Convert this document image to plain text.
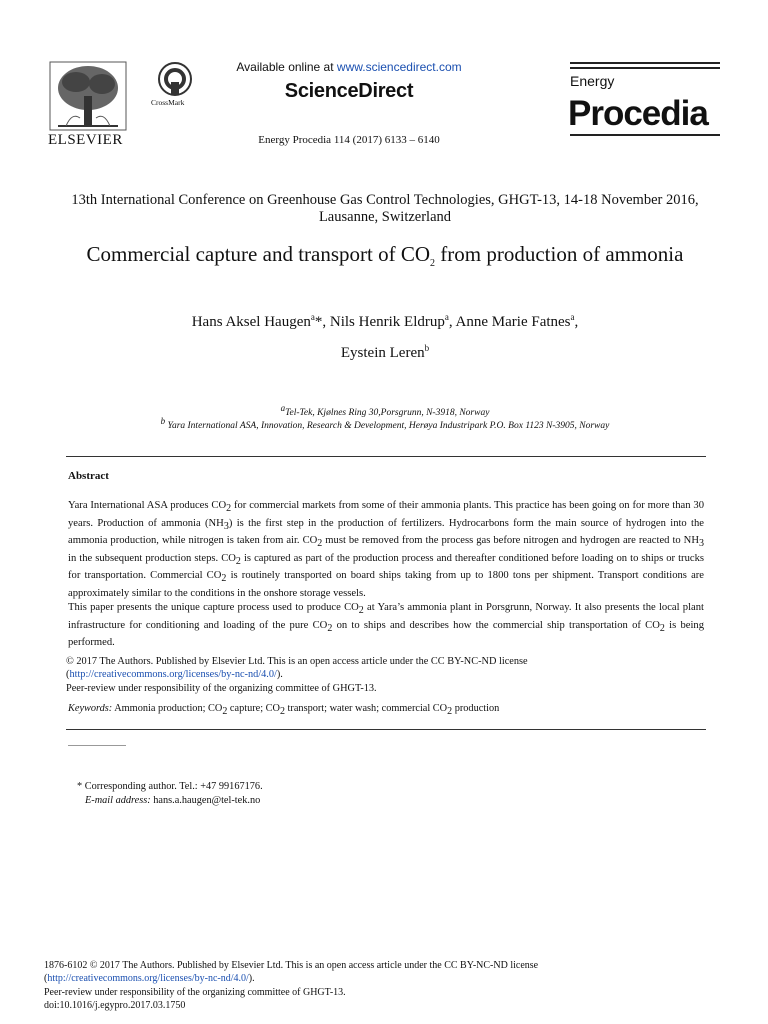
ELSEVIER
CrossMark
Available online at www.sciencedirect.com
ScienceDirect
Energy Procedia 114 (2017) 6133 – 6140
Energy
Procedia
13th International Conference on Greenhouse Gas Control Technologies, GHGT-13, 14-18 November 2016, Lausanne, Switzerland
Commercial capture and transport of $CO_2$ from production of ammonia
Hans Aksel Haugen$^a$*, Nils Henrik Eldrup$^a$, Anne Marie Fatnes$^a$,
Eystein Leren$^b$
$^a$Tel-Tek, Kjølnes Ring 30,Porsgrunn, N-3918, Norway
$^b$ Yara International ASA, Innovation, Research & Development, Herøya Industripark P.O. Box 1123 N-3905, Norway
Abstract

Yara International ASA produces $CO_2$ for commercial markets from some of their ammonia plants. This practice has been going on for more than 30 years. Production of ammonia $(NH_3)$ is the first step in the production of fertilizers. Hydrocarbons form the main source of hydrogen into the ammonia production, while nitrogen is taken from air. $CO_2$ must be removed from the process gas before nitrogen and hydrogen are reacted to $NH_3$ in the subsequent production steps. $CO_2$ is captured as part of the production process and thereafter conditioned before loading on to ships or trucks for transportation. Commercial $CO_2$ is routinely transported on board ships taking from up to 1800 tons per shipment. Transport conditions are approximately similar to the conditions in the onshore storage vessels.

This paper presents the unique capture process used to produce $CO_2$ at Yara’s ammonia plant in Porsgrunn, Norway. It also presents the local plant infrastructure for conditioning and loading of the pure $CO_2$ on to ships and describes how the commercial ship transportation of $CO_2$ is being performed.

© 2017 The Authors. Published by Elsevier Ltd. This is an open access article under the CC BY-NC-ND license
(http://creativecommons.org/licenses/by-nc-nd/4.0/).
Peer-review under responsibility of the organizing committee of GHGT-13.
Keywords: Ammonia production; $CO_2$ capture; $CO_2$ transport; water wash; commercial $CO_2$ production
* Corresponding author. Tel.: +47 99167176.
E-mail address: hans.a.haugen@tel-tek.no
1876-6102 © 2017 The Authors. Published by Elsevier Ltd. This is an open access article under the CC BY-NC-ND license
(http://creativecommons.org/licenses/by-nc-nd/4.0/).
Peer-review under responsibility of the organizing committee of GHGT-13.
doi:10.1016/j.egypro.2017.03.1750
